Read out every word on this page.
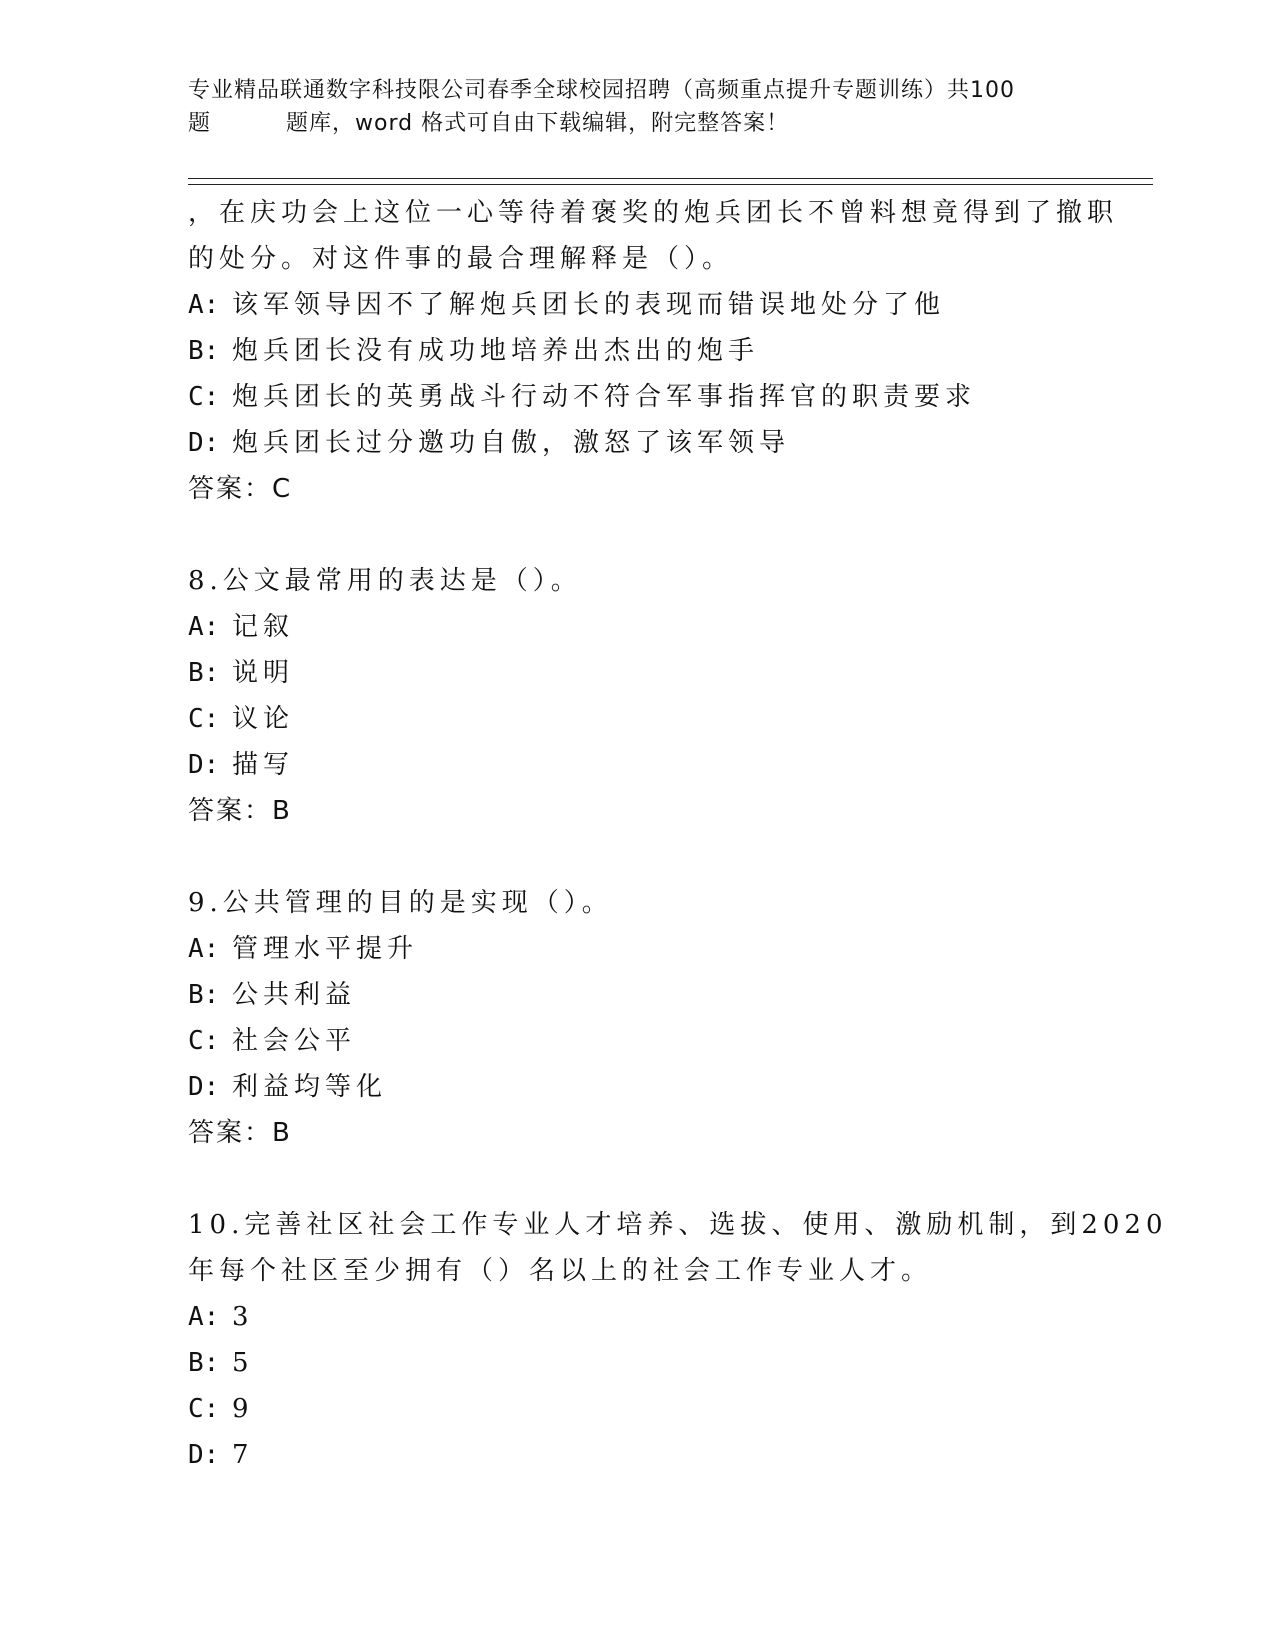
专业精品联通数字科技限公司春季全球校园招聘（高频重点提升专题训练）共100
题	题库，word 格式可自由下载编辑，附完整答案！
，在庆功会上这位一心等待着褒奖的炮兵团长不曾料想竟得到了撤职
的处分。对这件事的最合理解释是（）。
A: 该军领导因不了解炮兵团长的表现而错误地处分了他
B: 炮兵团长没有成功地培养出杰出的炮手
C: 炮兵团长的英勇战斗行动不符合军事指挥官的职责要求
D: 炮兵团长过分邀功自傲，激怒了该军领导
答案：C
8.公文最常用的表达是（）。
A: 记叙
B: 说明
C: 议论
D: 描写
答案：B
9.公共管理的目的是实现（）。
A: 管理水平提升
B: 公共利益
C: 社会公平
D: 利益均等化
答案：B
10.完善社区社会工作专业人才培养、选拔、使用、激励机制，到2020
年每个社区至少拥有（）名以上的社会工作专业人才。
A: 3
B: 5
C: 9
D: 7
